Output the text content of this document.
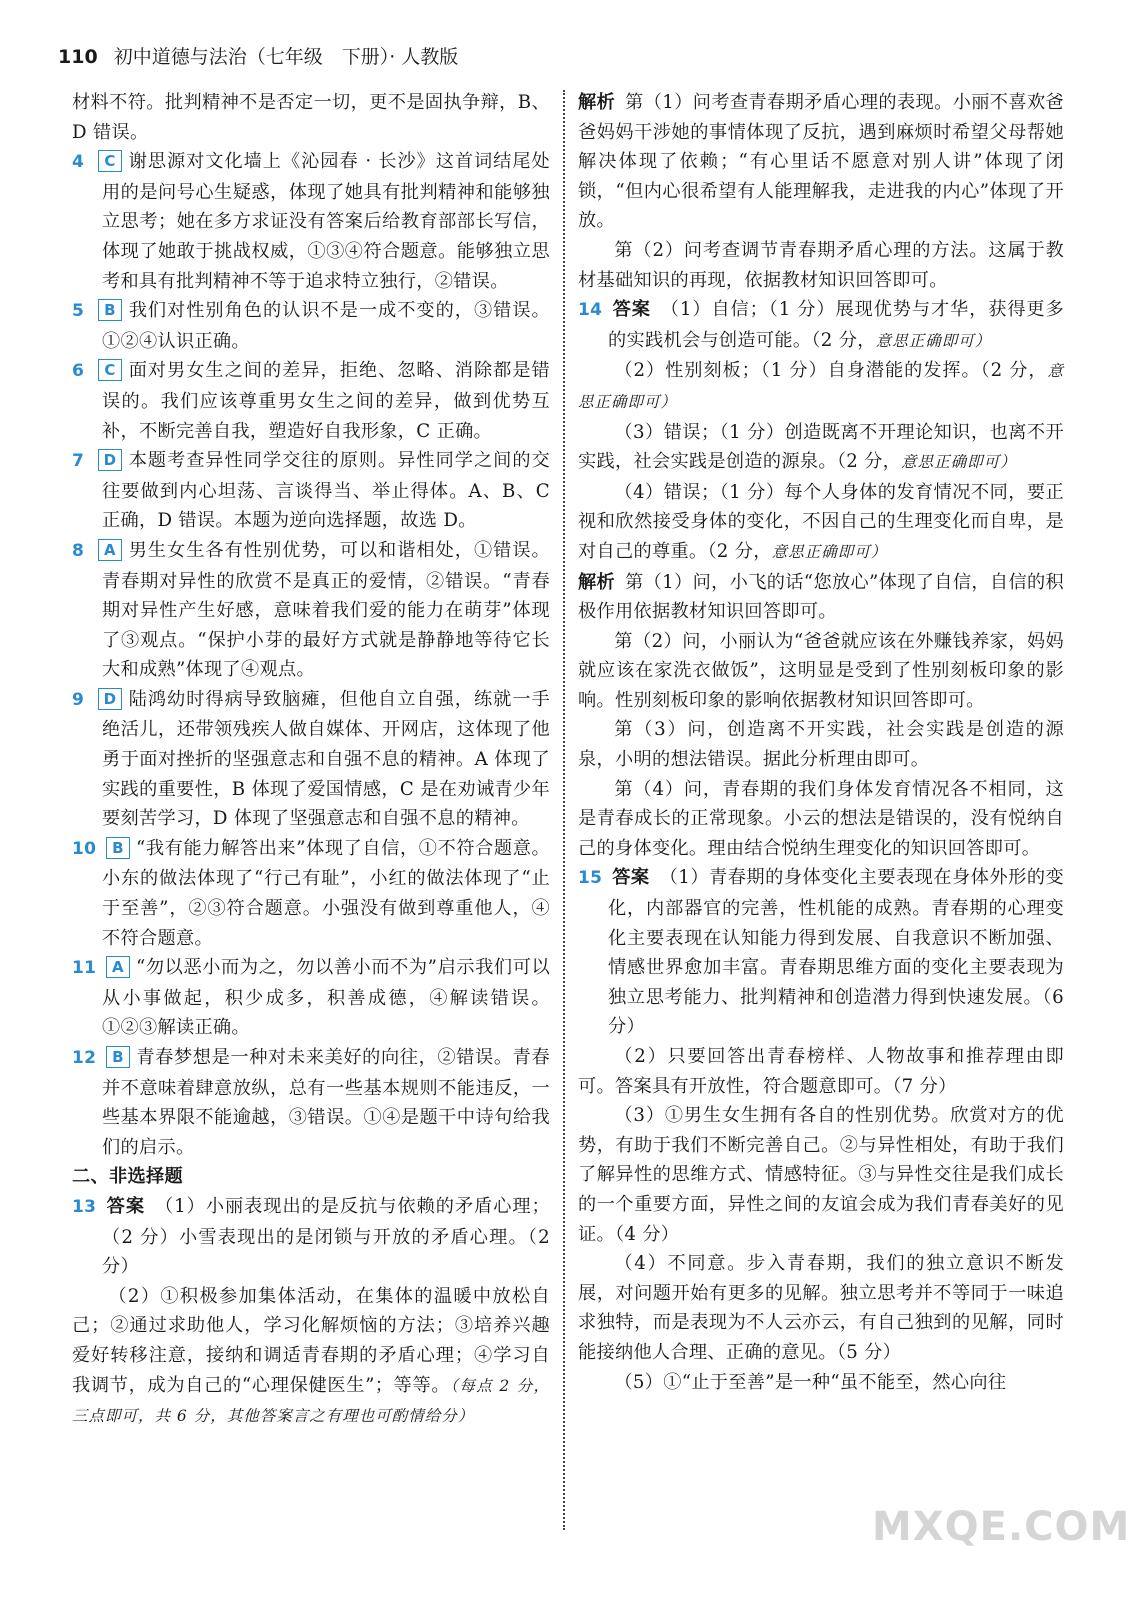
110 初中道德与法治（七年级　下册）· 人教版

材料不符。批判精神不是否定一切，更不是固执争辩，B、D 错误。

4 C 谢思源对文化墙上《沁园春 · 长沙》这首词结尾处用的是问号心生疑惑，体现了她具有批判精神和能够独立思考；她在多方求证没有答案后给教育部部长写信，体现了她敢于挑战权威，①③④符合题意。能够独立思考和具有批判精神不等于追求特立独行，②错误。

5 B 我们对性别角色的认识不是一成不变的，③错误。①②④认识正确。

6 C 面对男女生之间的差异，拒绝、忽略、消除都是错误的。我们应该尊重男女生之间的差异，做到优势互补，不断完善自我，塑造好自我形象，C 正确。

7 D 本题考查异性同学交往的原则。异性同学之间的交往要做到内心坦荡、言谈得当、举止得体。A、B、C 正确，D 错误。本题为逆向选择题，故选 D。

8 A 男生女生各有性别优势，可以和谐相处，①错误。青春期对异性的欣赏不是真正的爱情，②错误。“青春期对异性产生好感，意味着我们爱的能力在萌芽”体现了③观点。“保护小芽的最好方式就是静静地等待它长大和成熟”体现了④观点。

9 D 陆鸿幼时得病导致脑瘫，但他自立自强，练就一手绝活儿，还带领残疾人做自媒体、开网店，这体现了他勇于面对挫折的坚强意志和自强不息的精神。A 体现了实践的重要性，B 体现了爱国情感，C 是在劝诫青少年要刻苦学习，D 体现了坚强意志和自强不息的精神。

10 B “我有能力解答出来”体现了自信，①不符合题意。小东的做法体现了“行己有耻”，小红的做法体现了“止于至善”，②③符合题意。小强没有做到尊重他人，④不符合题意。

11 A “勿以恶小而为之，勿以善小而不为”启示我们可以从小事做起，积少成多，积善成德，④解读错误。①②③解读正确。

12 B 青春梦想是一种对未来美好的向往，②错误。青春并不意味着肆意放纵，总有一些基本规则不能违反，一些基本界限不能逾越，③错误。①④是题干中诗句给我们的启示。

二、非选择题

13 答案 （1）小丽表现出的是反抗与依赖的矛盾心理；（2 分）小雪表现出的是闭锁与开放的矛盾心理。（2 分）

（2）①积极参加集体活动，在集体的温暖中放松自己；②通过求助他人，学习化解烦恼的方法；③培养兴趣爱好转移注意，接纳和调适青春期的矛盾心理；④学习自我调节，成为自己的“心理保健医生”；等等。（每点 2 分，三点即可，共 6 分，其他答案言之有理也可酌情给分）

解析 第（1）问考查青春期矛盾心理的表现。小丽不喜欢爸爸妈妈干涉她的事情体现了反抗，遇到麻烦时希望父母帮她解决体现了依赖；“有心里话不愿意对别人讲”体现了闭锁，“但内心很希望有人能理解我，走进我的内心”体现了开放。

第（2）问考查调节青春期矛盾心理的方法。这属于教材基础知识的再现，依据教材知识回答即可。

14 答案 （1）自信；（1 分）展现优势与才华，获得更多的实践机会与创造可能。（2 分，意思正确即可）

（2）性别刻板；（1 分）自身潜能的发挥。（2 分，意思正确即可）

（3）错误；（1 分）创造既离不开理论知识，也离不开实践，社会实践是创造的源泉。（2 分，意思正确即可）

（4）错误；（1 分）每个人身体的发育情况不同，要正视和欣然接受身体的变化，不因自己的生理变化而自卑，是对自己的尊重。（2 分，意思正确即可）

解析 第（1）问，小飞的话“您放心”体现了自信，自信的积极作用依据教材知识回答即可。

第（2）问，小丽认为“爸爸就应该在外赚钱养家，妈妈就应该在家洗衣做饭”，这明显是受到了性别刻板印象的影响。性别刻板印象的影响依据教材知识回答即可。

第（3）问，创造离不开实践，社会实践是创造的源泉，小明的想法错误。据此分析理由即可。

第（4）问，青春期的我们身体发育情况各不相同，这是青春成长的正常现象。小云的想法是错误的，没有悦纳自己的身体变化。理由结合悦纳生理变化的知识回答即可。

15 答案 （1）青春期的身体变化主要表现在身体外形的变化，内部器官的完善，性机能的成熟。青春期的心理变化主要表现在认知能力得到发展、自我意识不断加强、情感世界愈加丰富。青春期思维方面的变化主要表现为独立思考能力、批判精神和创造潜力得到快速发展。（6 分）

（2）只要回答出青春榜样、人物故事和推荐理由即可。答案具有开放性，符合题意即可。（7 分）

（3）①男生女生拥有各自的性别优势。欣赏对方的优势，有助于我们不断完善自己。②与异性相处，有助于我们了解异性的思维方式、情感特征。③与异性交往是我们成长的一个重要方面，异性之间的友谊会成为我们青春美好的见证。（4 分）

（4）不同意。步入青春期，我们的独立意识不断发展，对问题开始有更多的见解。独立思考并不等同于一味追求独特，而是表现为不人云亦云，有自己独到的见解，同时能接纳他人合理、正确的意见。（5 分）

（5）①“止于至善”是一种“虽不能至，然心向往

MXQE.COM
